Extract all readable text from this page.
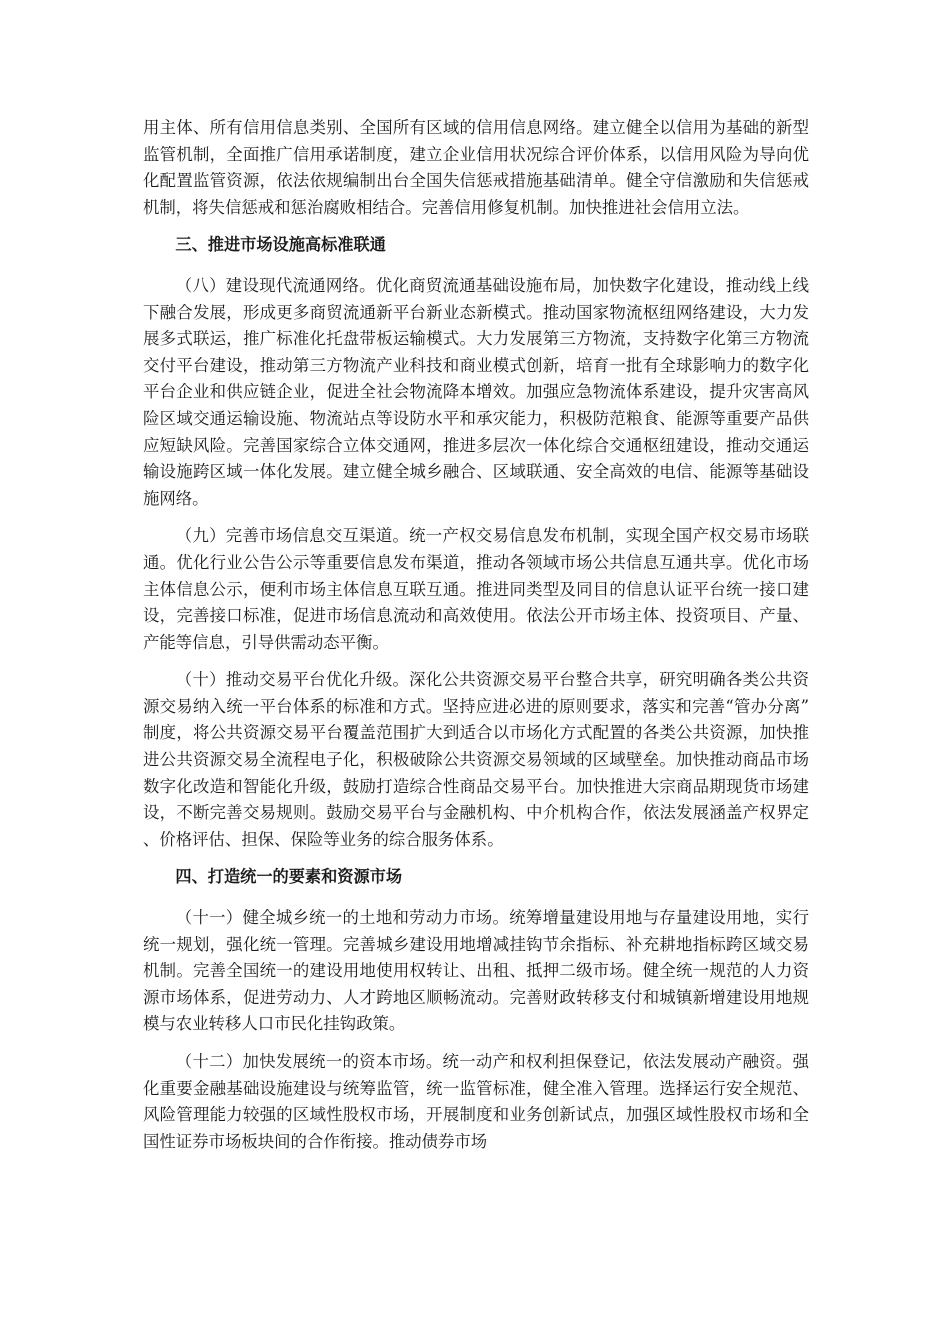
用主体、所有信用信息类别、全国所有区域的信用信息网络。建立健全以信用为基础的新型监管机制，全面推广信用承诺制度，建立企业信用状况综合评价体系，以信用风险为导向优化配置监管资源，依法依规编制出台全国失信惩戒措施基础清单。健全守信激励和失信惩戒机制，将失信惩戒和惩治腐败相结合。完善信用修复机制。加快推进社会信用立法。

三、推进市场设施高标准联通

（八）建设现代流通网络。优化商贸流通基础设施布局，加快数字化建设，推动线上线下融合发展，形成更多商贸流通新平台新业态新模式。推动国家物流枢纽网络建设，大力发展多式联运，推广标准化托盘带板运输模式。大力发展第三方物流，支持数字化第三方物流交付平台建设，推动第三方物流产业科技和商业模式创新，培育一批有全球影响力的数字化平台企业和供应链企业，促进全社会物流降本增效。加强应急物流体系建设，提升灾害高风险区域交通运输设施、物流站点等设防水平和承灾能力，积极防范粮食、能源等重要产品供应短缺风险。完善国家综合立体交通网，推进多层次一体化综合交通枢纽建设，推动交通运输设施跨区域一体化发展。建立健全城乡融合、区域联通、安全高效的电信、能源等基础设施网络。

（九）完善市场信息交互渠道。统一产权交易信息发布机制，实现全国产权交易市场联通。优化行业公告公示等重要信息发布渠道，推动各领域市场公共信息互通共享。优化市场主体信息公示，便利市场主体信息互联互通。推进同类型及同目的信息认证平台统一接口建设，完善接口标准，促进市场信息流动和高效使用。依法公开市场主体、投资项目、产量、产能等信息，引导供需动态平衡。

（十）推动交易平台优化升级。深化公共资源交易平台整合共享，研究明确各类公共资源交易纳入统一平台体系的标准和方式。坚持应进必进的原则要求，落实和完善“管办分离”制度，将公共资源交易平台覆盖范围扩大到适合以市场化方式配置的各类公共资源，加快推进公共资源交易全流程电子化，积极破除公共资源交易领域的区域壁垒。加快推动商品市场数字化改造和智能化升级，鼓励打造综合性商品交易平台。加快推进大宗商品期现货市场建设，不断完善交易规则。鼓励交易平台与金融机构、中介机构合作，依法发展涵盖产权界定、价格评估、担保、保险等业务的综合服务体系。

四、打造统一的要素和资源市场

（十一）健全城乡统一的土地和劳动力市场。统筹增量建设用地与存量建设用地，实行统一规划，强化统一管理。完善城乡建设用地增减挂钩节余指标、补充耕地指标跨区域交易机制。完善全国统一的建设用地使用权转让、出租、抵押二级市场。健全统一规范的人力资源市场体系，促进劳动力、人才跨地区顺畅流动。完善财政转移支付和城镇新增建设用地规模与农业转移人口市民化挂钩政策。

（十二）加快发展统一的资本市场。统一动产和权利担保登记，依法发展动产融资。强化重要金融基础设施建设与统筹监管，统一监管标准，健全准入管理。选择运行安全规范、风险管理能力较强的区域性股权市场，开展制度和业务创新试点，加强区域性股权市场和全国性证券市场板块间的合作衔接。推动债券市场
